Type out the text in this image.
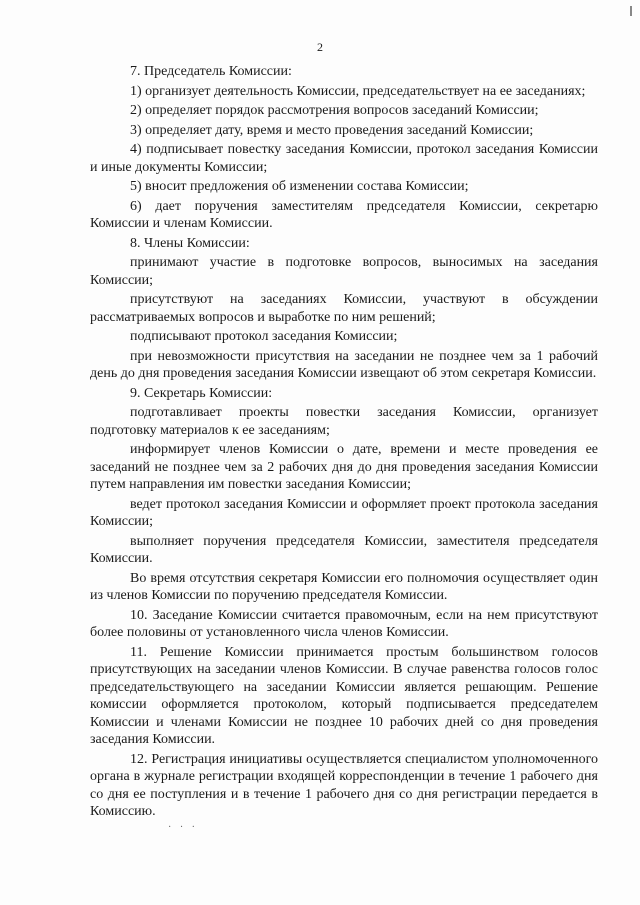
2

7. Председатель Комиссии:

1) организует деятельность Комиссии, председательствует на ее заседаниях;

2) определяет порядок рассмотрения вопросов заседаний Комиссии;

3) определяет дату, время и место проведения заседаний Комиссии;

4) подписывает повестку заседания Комиссии, протокол заседания Комиссии и иные документы Комиссии;

5) вносит предложения об изменении состава Комиссии;

6) дает поручения заместителям председателя Комиссии, секретарю Комиссии и членам Комиссии.

8. Члены Комиссии:

принимают участие в подготовке вопросов, выносимых на заседания Комиссии;

присутствуют на заседаниях Комиссии, участвуют в обсуждении рассматриваемых вопросов и выработке по ним решений;

подписывают протокол заседания Комиссии;

при невозможности присутствия на заседании не позднее чем за 1 рабочий день до дня проведения заседания Комиссии извещают об этом секретаря Комиссии.

9. Секретарь Комиссии:

подготавливает проекты повестки заседания Комиссии, организует подготовку материалов к ее заседаниям;

информирует членов Комиссии о дате, времени и месте проведения ее заседаний не позднее чем за 2 рабочих дня до дня проведения заседания Комиссии путем направления им повестки заседания Комиссии;

ведет протокол заседания Комиссии и оформляет проект протокола заседания Комиссии;

выполняет поручения председателя Комиссии, заместителя председателя Комиссии.

Во время отсутствия секретаря Комиссии его полномочия осуществляет один из членов Комиссии по поручению председателя Комиссии.

10. Заседание Комиссии считается правомочным, если на нем присутствуют более половины от установленного числа членов Комиссии.

11. Решение Комиссии принимается простым большинством голосов присутствующих на заседании членов Комиссии. В случае равенства голосов голос председательствующего на заседании Комиссии является решающим. Решение комиссии оформляется протоколом, который подписывается председателем Комиссии и членами Комиссии не позднее 10 рабочих дней со дня проведения заседания Комиссии.

12. Регистрация инициативы осуществляется специалистом уполномоченного органа в журнале регистрации входящей корреспонденции в течение 1 рабочего дня со дня ее поступления и в течение 1 рабочего дня со дня регистрации передается в Комиссию.

· · ·
